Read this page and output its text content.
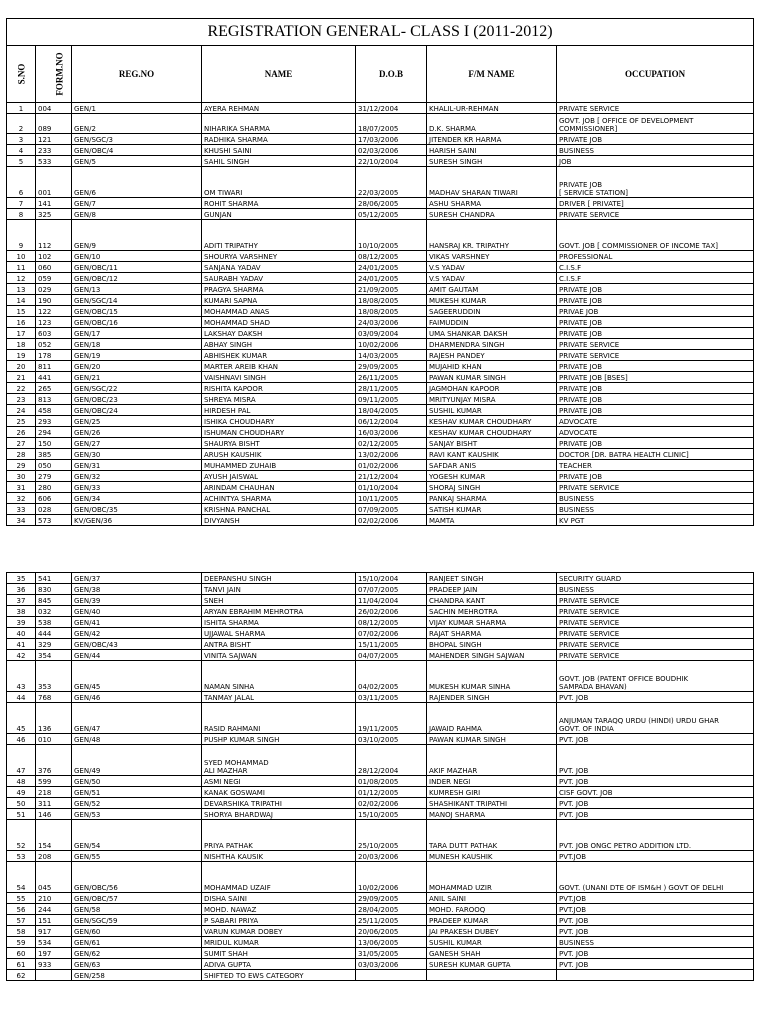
REGISTRATION GENERAL- CLASS I (2011-2012)						
S.NO	FORM.NO	REG.NO	NAME	D.O.B	F/M NAME	OCCUPATION
1	004	GEN/1	AYERA REHMAN	31/12/2004	KHALIL-UR-REHMAN	PRIVATE SERVICE
2	089	GEN/2	NIHARIKA SHARMA	18/07/2005	D.K. SHARMA	GOVT. JOB [ OFFICE OF DEVELOPMENT
COMMISSIONER]
3	121	GEN/SGC/3	RADHIKA SHARMA	17/03/2006	JITENDER KR HARMA	PRIVATE JOB
4	233	GEN/OBC/4	KHUSHI SAINI	02/03/2006	HARISH SAINI	BUSINESS
5	533	GEN/5	SAHIL SINGH	22/10/2004	SURESH SINGH	JOB
6	001	GEN/6	OM TIWARI	22/03/2005	MADHAV SHARAN TIWARI	PRIVATE JOB
[ SERVICE STATION]
7	141	GEN/7	ROHIT SHARMA	28/06/2005	ASHU SHARMA	DRIVER [ PRIVATE]
8	325	GEN/8	GUNJAN	05/12/2005	SURESH CHANDRA	PRIVATE SERVICE
9	112	GEN/9	ADITI TRIPATHY	10/10/2005	HANSRAJ KR. TRIPATHY	GOVT. JOB [ COMMISSIONER OF INCOME TAX]
10	102	GEN/10	SHOURYA VARSHNEY	08/12/2005	VIKAS VARSHNEY	PROFESSIONAL
11	060	GEN/OBC/11	SANJANA YADAV	24/01/2005	V.S YADAV	C.I.S.F
12	059	GEN/OBC/12	SAURABH YADAV	24/01/2005	V.S YADAV	C.I.S.F
13	029	GEN/13	PRAGYA SHARMA	21/09/2005	AMIT GAUTAM	PRIVATE JOB
14	190	GEN/SGC/14	KUMARI SAPNA	18/08/2005	MUKESH KUMAR	PRIVATE JOB
15	122	GEN/OBC/15	MOHAMMAD ANAS	18/08/2005	SAGEERUDDIN	PRIVAE JOB
16	123	GEN/OBC/16	MOHAMMAD SHAD	24/03/2006	FAIMUDDIN	PRIVATE JOB
17	603	GEN/17	LAKSHAY DAKSH	03/09/2004	UMA SHANKAR DAKSH	PRIVATE JOB
18	052	GEN/18	ABHAY SINGH	10/02/2006	DHARMENDRA SINGH	PRIVATE SERVICE
19	178	GEN/19	ABHISHEK KUMAR	14/03/2005	RAJESH PANDEY	PRIVATE SERVICE
20	811	GEN/20	MARTER AREIB KHAN	29/09/2005	MUJAHID KHAN	PRIVATE JOB
21	441	GEN/21	VAISHNAVI SINGH	26/11/2005	PAWAN KUMAR SINGH	PRIVATE JOB [BSES]
22	265	GEN/SGC/22	RISHITA KAPOOR	28/11/2005	JAGMOHAN KAPOOR	PRIVATE JOB
23	813	GEN/OBC/23	SHREYA MISRA	09/11/2005	MRITYUNJAY MISRA	PRIVATE JOB
24	458	GEN/OBC/24	HIRDESH PAL	18/04/2005	SUSHIL KUMAR	PRIVATE JOB
25	293	GEN/25	ISHIKA CHOUDHARY	06/12/2004	KESHAV KUMAR CHOUDHARY	ADVOCATE
26	294	GEN/26	ISHUMAN CHOUDHARY	16/03/2006	KESHAV KUMAR CHOUDHARY	ADVOCATE
27	150	GEN/27	SHAURYA BISHT	02/12/2005	SANJAY BISHT	PRIVATE JOB
28	385	GEN/30	ARUSH KAUSHIK	13/02/2006	RAVI KANT KAUSHIK	DOCTOR [DR. BATRA HEALTH CLINIC]
29	050	GEN/31	MUHAMMED ZUHAIB	01/02/2006	SAFDAR ANIS	TEACHER
30	279	GEN/32	AYUSH JAISWAL	21/12/2004	YOGESH KUMAR	PRIVATE JOB
31	280	GEN/33	ARINDAM CHAUHAN	01/10/2004	SHORAJ SINGH	PRIVATE SERVICE
32	606	GEN/34	ACHINTYA SHARMA	10/11/2005	PANKAJ SHARMA	BUSINESS
33	028	GEN/OBC/35	KRISHNA PANCHAL	07/09/2005	SATISH KUMAR	BUSINESS
34	573	KV/GEN/36	DIVYANSH	02/02/2006	MAMTA	KV PGT
35	541	GEN/37	DEEPANSHU SINGH	15/10/2004	RANJEET SINGH	SECURITY GUARD
36	830	GEN/38	TANVI JAIN	07/07/2005	PRADEEP JAIN	BUSINESS
37	845	GEN/39	SNEH	11/04/2004	CHANDRA KANT	PRIVATE SERVICE
38	032	GEN/40	ARYAN EBRAHIM MEHROTRA	26/02/2006	SACHIN MEHROTRA	PRIVATE SERVICE
39	538	GEN/41	ISHITA SHARMA	08/12/2005	VIJAY KUMAR SHARMA	PRIVATE SERVICE
40	444	GEN/42	UJJAWAL SHARMA	07/02/2006	RAJAT SHARMA	PRIVATE SERVICE
41	329	GEN/OBC/43	ANTRA BISHT	15/11/2005	BHOPAL SINGH	PRIVATE SERVICE
42	354	GEN/44	VINITA SAJWAN	04/07/2005	MAHENDER SINGH SAJWAN	PRIVATE SERVICE
43	353	GEN/45	NAMAN SINHA	04/02/2005	MUKESH KUMAR SINHA	GOVT. JOB (PATENT OFFICE BOUDHIK
SAMPADA BHAVAN)
44	768	GEN/46	TANMAY JALAL	03/11/2005	RAJENDER SINGH	PVT. JOB
45	136	GEN/47	RASID RAHMANI	19/11/2005	JAWAID RAHMA	ANJUMAN TARAQQ URDU (HINDI) URDU GHAR
GOVT. OF INDIA
46	010	GEN/48	PUSHP KUMAR SINGH	03/10/2005	PAWAN KUMAR SINGH	PVT. JOB
47	376	GEN/49	SYED MOHAMMAD
ALI MAZHAR	28/12/2004	AKIF MAZHAR	PVT. JOB
48	599	GEN/50	ASMI NEGI	01/08/2005	INDER NEGI	PVT. JOB
49	218	GEN/51	KANAK GOSWAMI	01/12/2005	KUMRESH GIRI	CISF GOVT. JOB
50	311	GEN/52	DEVARSHIKA TRIPATHI	02/02/2006	SHASHIKANT TRIPATHI	PVT. JOB
51	146	GEN/53	SHORYA BHARDWAJ	15/10/2005	MANOJ SHARMA	PVT. JOB
52	154	GEN/54	PRIYA PATHAK	25/10/2005	TARA DUTT PATHAK	PVT. JOB ONGC PETRO ADDITION LTD.
53	208	GEN/55	NISHTHA KAUSIK	20/03/2006	MUNESH KAUSHIK	PVT.JOB
54	045	GEN/OBC/56	MOHAMMAD UZAIF	10/02/2006	MOHAMMAD UZIR	GOVT. (UNANI DTE OF ISM&H ) GOVT OF DELHI
55	210	GEN/OBC/57	DISHA SAINI	29/09/2005	ANIL SAINI	PVT.JOB
56	244	GEN/58	MOHD. NAWAZ	28/04/2005	MOHD. FAROOQ	PVT.JOB
57	151	GEN/SGC/59	P SABARI PRIYA	25/11/2005	PRADEEP KUMAR	PVT. JOB
58	917	GEN/60	VARUN KUMAR DOBEY	20/06/2005	JAI PRAKESH DUBEY	PVT. JOB
59	534	GEN/61	MRIDUL KUMAR	13/06/2005	SUSHIL KUMAR	BUSINESS
60	197	GEN/62	SUMIT SHAH	31/05/2005	GANESH SHAH	PVT. JOB
61	933	GEN/63	ADIVA GUPTA	03/03/2006	SURESH KUMAR GUPTA	PVT. JOB
62		GEN/258	SHIFTED TO EWS CATEGORY			
